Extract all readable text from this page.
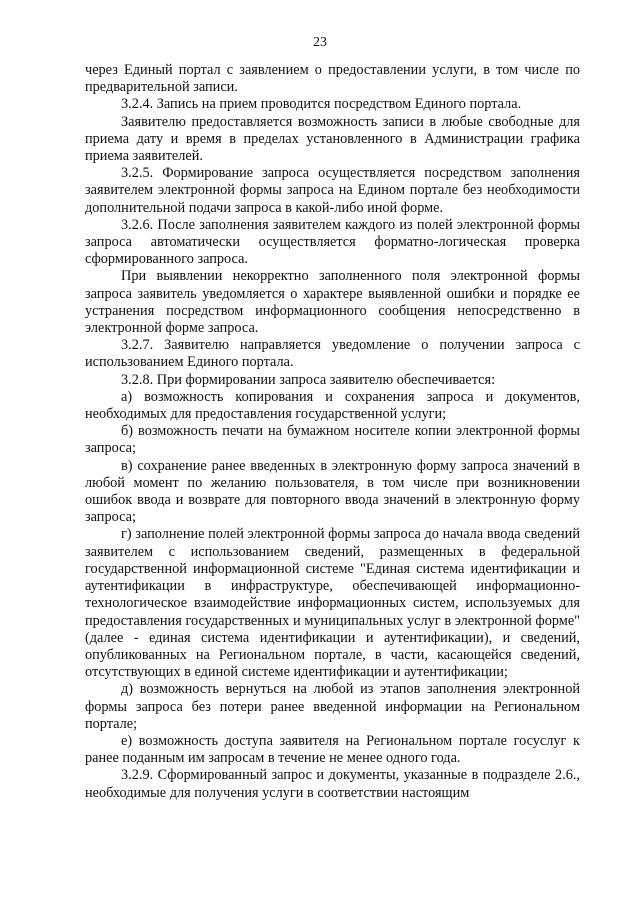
23

через Единый портал с заявлением о предоставлении услуги, в том числе по предварительной записи.

3.2.4. Запись на прием проводится посредством Единого портала.

Заявителю предоставляется возможность записи в любые свободные для приема дату и время в пределах установленного в Администрации графика приема заявителей.

3.2.5. Формирование запроса осуществляется посредством заполнения заявителем электронной формы запроса на Едином портале без необходимости дополнительной подачи запроса в какой-либо иной форме.

3.2.6. После заполнения заявителем каждого из полей электронной формы запроса автоматически осуществляется форматно-логическая проверка сформированного запроса.

При выявлении некорректно заполненного поля электронной формы запроса заявитель уведомляется о характере выявленной ошибки и порядке ее устранения посредством информационного сообщения непосредственно в электронной форме запроса.

3.2.7. Заявителю направляется уведомление о получении запроса с использованием Единого портала.

3.2.8. При формировании запроса заявителю обеспечивается:

а) возможность копирования и сохранения запроса и документов, необходимых для предоставления государственной услуги;

б) возможность печати на бумажном носителе копии электронной формы запроса;

в) сохранение ранее введенных в электронную форму запроса значений в любой момент по желанию пользователя, в том числе при возникновении ошибок ввода и возврате для повторного ввода значений в электронную форму запроса;

г) заполнение полей электронной формы запроса до начала ввода сведений заявителем с использованием сведений, размещенных в федеральной государственной информационной системе "Единая система идентификации и аутентификации в инфраструктуре, обеспечивающей информационно-технологическое взаимодействие информационных систем, используемых для предоставления государственных и муниципальных услуг в электронной форме" (далее - единая система идентификации и аутентификации), и сведений, опубликованных на Региональном портале, в части, касающейся сведений, отсутствующих в единой системе идентификации и аутентификации;

д) возможность вернуться на любой из этапов заполнения электронной формы запроса без потери ранее введенной информации на Региональном портале;

е) возможность доступа заявителя на Региональном портале госуслуг к ранее поданным им запросам в течение не менее одного года.

3.2.9. Сформированный запрос и документы, указанные в подразделе 2.6., необходимые для получения услуги в соответствии настоящим
